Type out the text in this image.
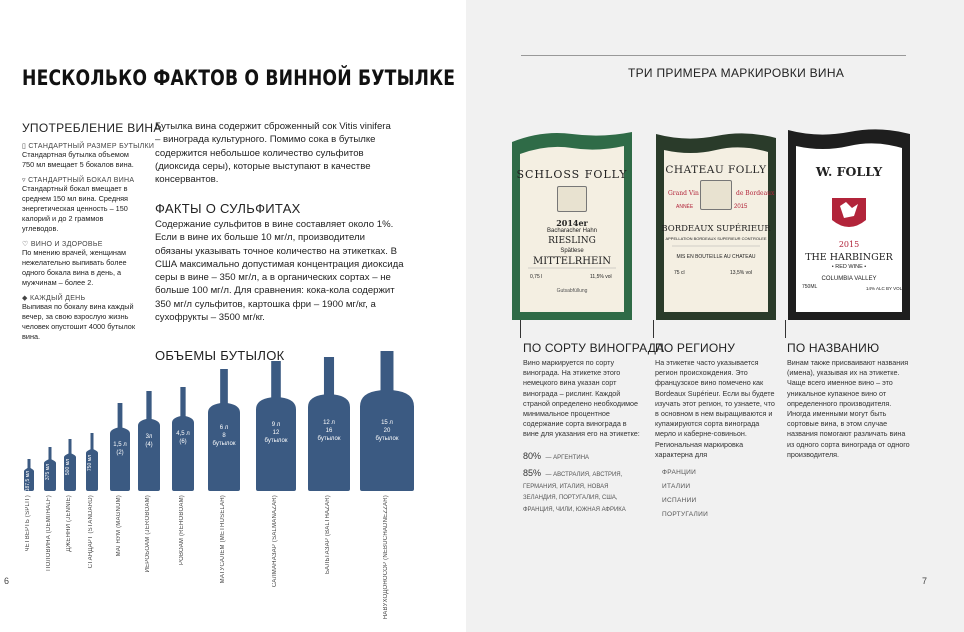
НЕСКОЛЬКО ФАКТОВ О ВИННОЙ БУТЫЛКЕ
УПОТРЕБЛЕНИЕ ВИНА
▯ СТАНДАРТНЫЙ РАЗМЕР БУТЫЛКИ
Стандартная бутылка объемом 750 мл вмещает 5 бокалов вина.
▿ СТАНДАРТНЫЙ БОКАЛ ВИНА
Стандартный бокал вмещает в среднем 150 мл вина. Средняя энергетическая ценность – 150 калорий и до 2 граммов углеводов.
♡ ВИНО И ЗДОРОВЬЕ
По мнению врачей, женщинам нежелательно выпивать более одного бокала вина в день, а мужчинам – более 2.
◆ КАЖДЫЙ ДЕНЬ
Выпивая по бокалу вина каждый вечер, за свою взрослую жизнь человек опустошит 4000 бутылок вина.
Бутылка вина содержит сброженный сок Vitis vinifera – винограда культурного. Помимо сока в бутылке содержится небольшое количество сульфитов (диоксида серы), которые выступают в качестве консервантов.
ФАКТЫ О СУЛЬФИТАХ
Содержание сульфитов в вине составляет около 1%. Если в вине их больше 10 мг/л, производители обязаны указывать точное количество на этикетках. В США максимально допустимая концентрация диоксида серы в вине – 350 мг/л, а в органических сортах – не больше 100 мг/л. Для сравнения: кока-кола содержит 350 мг/л сульфитов, картошка фри – 1900 мг/кг, а сухофрукты – 3500 мг/кг.
ОБЪЕМЫ БУТЫЛОК
187,5 мл
ЧЕТВЕРТЬ (SPLIT)
375 мл
ПОЛОВИНА (DEMI/HALF)
500 мл
ДЖЕННИ (JENNIE)
750 мл
СТАНДАРТ (STANDARD)
1,5 л
(2)
МАГНУМ (MAGNUM)
3л
(4)
ИЕРОБОАМ (JEROBOAM)
4,5 л
(6)
РОВОАМ (REHOBOAM)
6 л
8
бутылок
МАТУСАЛЕМ (METHUSELAH)
9 л
12
бутылок
САЛМАНАЗАР (SALMANAZAR)
12 л
16
бутылок
БАЛЬТАЗАР (BALTHAZAR)
15 л
20
бутылок
НАВУХОДОНОСОР (NEBUCHADNEZZAR)
6
ТРИ ПРИМЕРА МАРКИРОВКИ ВИНА
SCHLOSS FOLLY
2014er
Bacharacher Hahn
RIESLING
Spätlese
MITTELRHEIN
0,75 l	11,5% vol
Gutsabfüllung
CHATEAU FOLLY
Grand Vin	de Bordeaux
ANNÉE	2015
BORDEAUX SUPÉRIEUR
APPELLATION BORDEAUX SUPERIEUR CONTROLEE
MIS EN BOUTEILLE AU CHATEAU
75 cl	13,5% vol
W. FOLLY
2015
THE HARBINGER
• RED WINE •
COLUMBIA VALLEY
750ML	14% ALC BY VOL
ПО СОРТУ ВИНОГРАДА
Вино маркируется по сорту винограда. На этикетке этого немецкого вина указан сорт винограда – рислинг. Каждой страной определено необходимое минимальное процентное содержание сорта винограда в вине для указания его на этикетке:
80% — АРГЕНТИНА
85% — АВСТРАЛИЯ, АВСТРИЯ, ГЕРМАНИЯ, ИТАЛИЯ, НОВАЯ ЗЕЛАНДИЯ, ПОРТУГАЛИЯ, США, ФРАНЦИЯ, ЧИЛИ, ЮЖНАЯ АФРИКА
ПО РЕГИОНУ
На этикетке часто указывается регион происхождения. Это французское вино помечено как Bordeaux Supérieur. Если вы будете изучать этот регион, то узнаете, что в основном в нем выращиваются и купажируются сорта винограда мерло и каберне-совиньон. Региональная маркировка характерна для
ФРАНЦИИ
ИТАЛИИ
ИСПАНИИ
ПОРТУГАЛИИ
ПО НАЗВАНИЮ
Винам также присваивают названия (имена), указывая их на этикетке. Чаще всего именное вино – это уникальное купажное вино от определенного производителя. Иногда именными могут быть сортовые вина, в этом случае названия помогают различать вина из одного сорта винограда от одного производителя.
7
